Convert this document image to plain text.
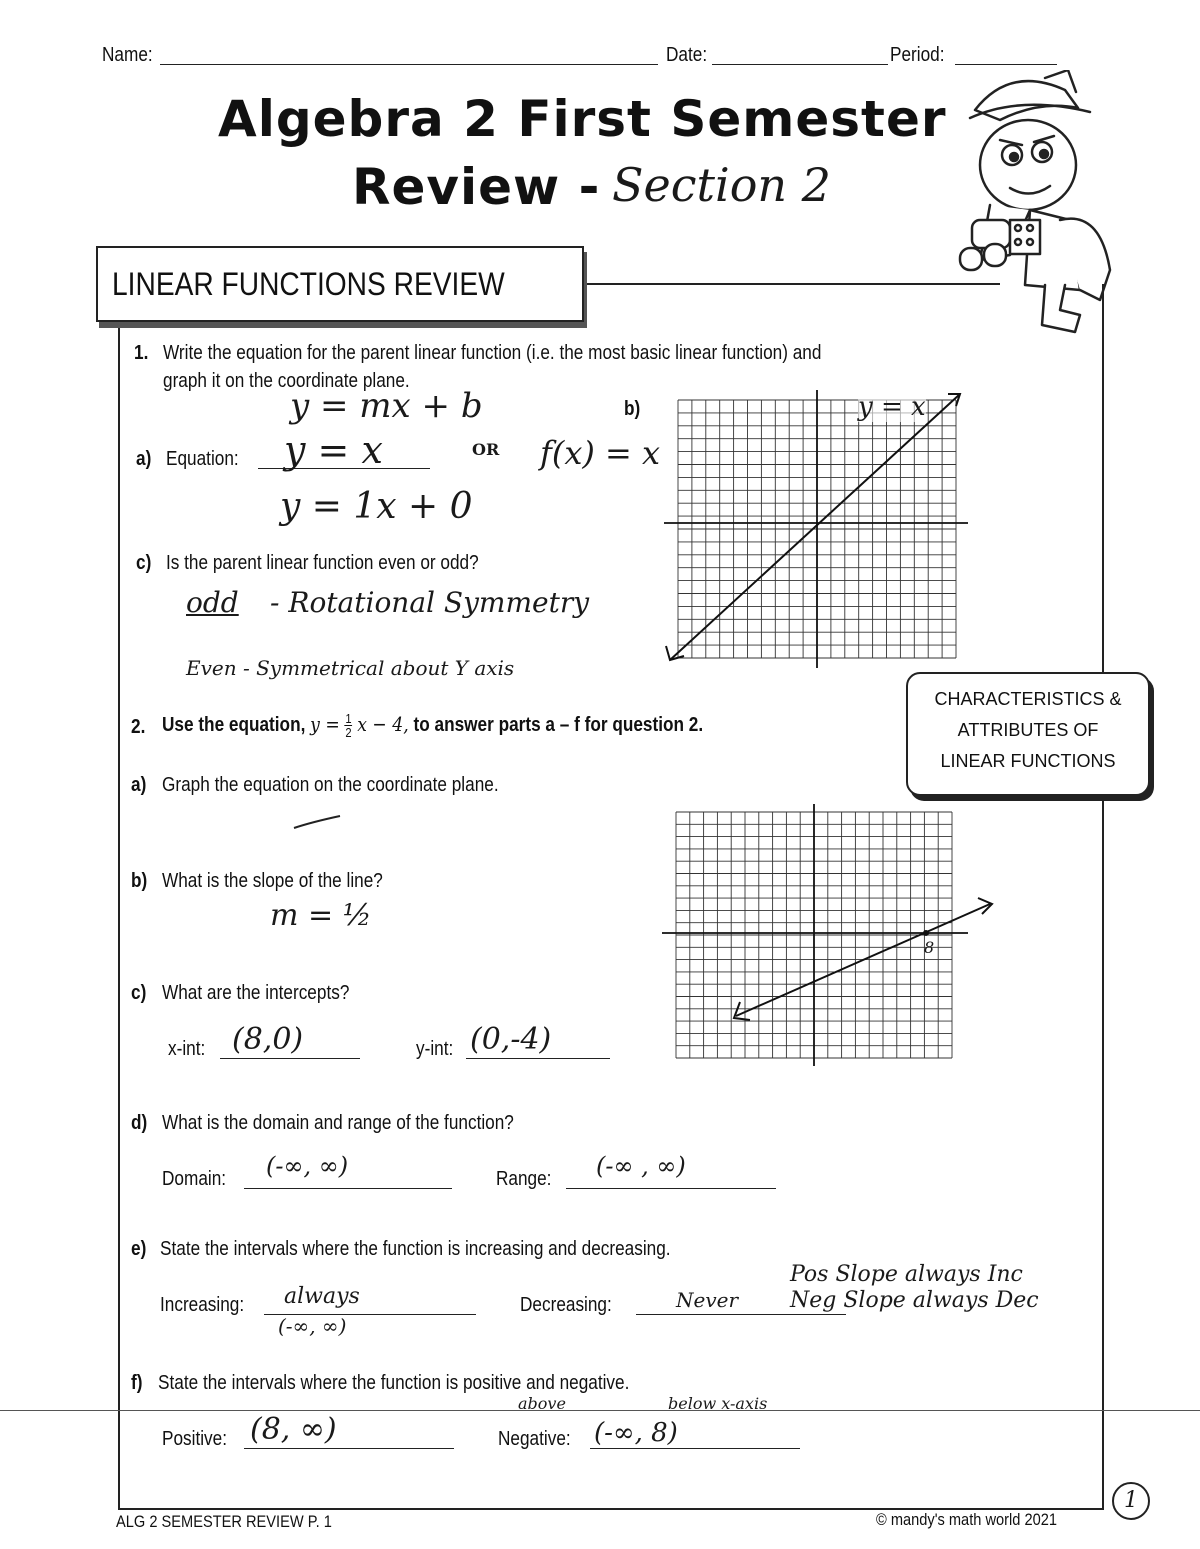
Name:	Date:	Period:
Algebra 2 First Semester
Review - Section 2
LINEAR FUNCTIONS REVIEW
1. Write the equation for the parent linear function (i.e. the most basic linear function) and
graph it on the coordinate plane.
y = mx + b	b)
a) Equation: y = x	OR f(x) = x
y = 1x + 0
c) Is the parent linear function even or odd?
odd - Rotational Symmetry
Even - Symmetrical about Y axis
y = x
CHARACTERISTICS &
ATTRIBUTES OF
LINEAR FUNCTIONS
2. Use the equation, $y = \frac{1}{2}$ x − 4, to answer parts a – f for question 2.
a) Graph the equation on the coordinate plane.
b) What is the slope of the line?
m = ½
c) What are the intercepts?
x-int: (8,0)	y-int: (0,-4)
8
d) What is the domain and range of the function?
Domain: (-∞, ∞)	Range: (-∞ , ∞)
e) State the intervals where the function is increasing and decreasing.
Pos Slope always Inc
Increasing: always
(-∞, ∞)
Decreasing:	Never Neg Slope always Dec
f) State the intervals where the function is positive and negative.
above	below x-axis
Positive: (8, ∞)	Negative: (-∞, 8)
ALG 2 SEMESTER REVIEW P. 1	© mandy's math world 2021
1
